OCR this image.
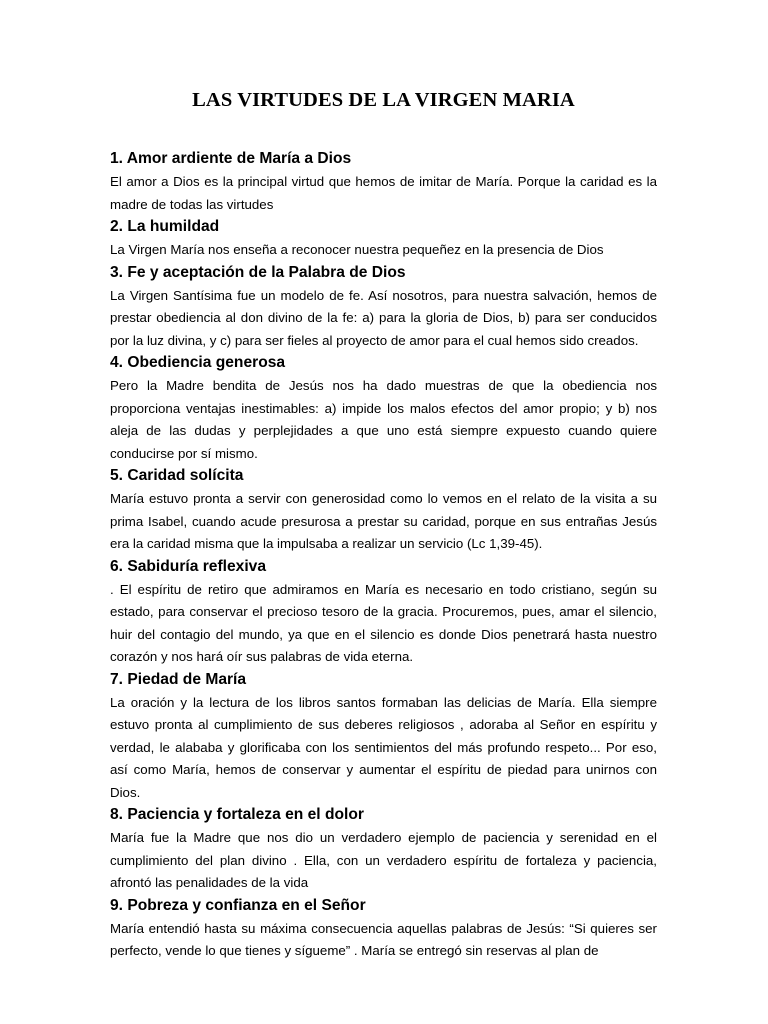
LAS VIRTUDES DE LA VIRGEN MARIA
1. Amor ardiente de María a Dios

El amor a Dios es la principal virtud que hemos de imitar de María. Porque la caridad es la madre de todas las virtudes

2. La humildad

La Virgen María nos enseña a reconocer nuestra pequeñez en la presencia de Dios

3. Fe y aceptación de la Palabra de Dios

La Virgen Santísima fue un modelo de fe. Así nosotros, para nuestra salvación, hemos de prestar obediencia al don divino de la fe: a) para la gloria de Dios, b) para ser conducidos por la luz divina, y c) para ser fieles al proyecto de amor para el cual hemos sido creados.

4. Obediencia generosa

Pero la Madre bendita de Jesús nos ha dado muestras de que la obediencia nos proporciona ventajas inestimables: a) impide los malos efectos del amor propio; y b) nos aleja de las dudas y perplejidades a que uno está siempre expuesto cuando quiere conducirse por sí mismo.

5. Caridad solícita

María estuvo pronta a servir con generosidad como lo vemos en el relato de la visita a su prima Isabel, cuando acude presurosa a prestar su caridad, porque en sus entrañas Jesús era la caridad misma que la impulsaba a realizar un servicio (Lc 1,39-45).

6. Sabiduría reflexiva

. El espíritu de retiro que admiramos en María es necesario en todo cristiano, según su estado, para conservar el precioso tesoro de la gracia. Procuremos, pues, amar el silencio, huir del contagio del mundo, ya que en el silencio es donde Dios penetrará hasta nuestro corazón y nos hará oír sus palabras de vida eterna.

7. Piedad de María

La oración y la lectura de los libros santos formaban las delicias de María. Ella siempre estuvo pronta al cumplimiento de sus deberes religiosos , adoraba al Señor en espíritu y verdad, le alababa y glorificaba con los sentimientos del más profundo respeto... Por eso, así como María, hemos de conservar y aumentar el espíritu de piedad para unirnos con Dios.

8. Paciencia y fortaleza en el dolor

María fue la Madre que nos dio un verdadero ejemplo de paciencia y serenidad en el cumplimiento del plan divino . Ella, con un verdadero espíritu de fortaleza y paciencia, afrontó las penalidades de la vida

9. Pobreza y confianza en el Señor

María entendió hasta su máxima consecuencia aquellas palabras de Jesús: “Si quieres ser perfecto, vende lo que tienes y sígueme” . María se entregó sin reservas al plan de
